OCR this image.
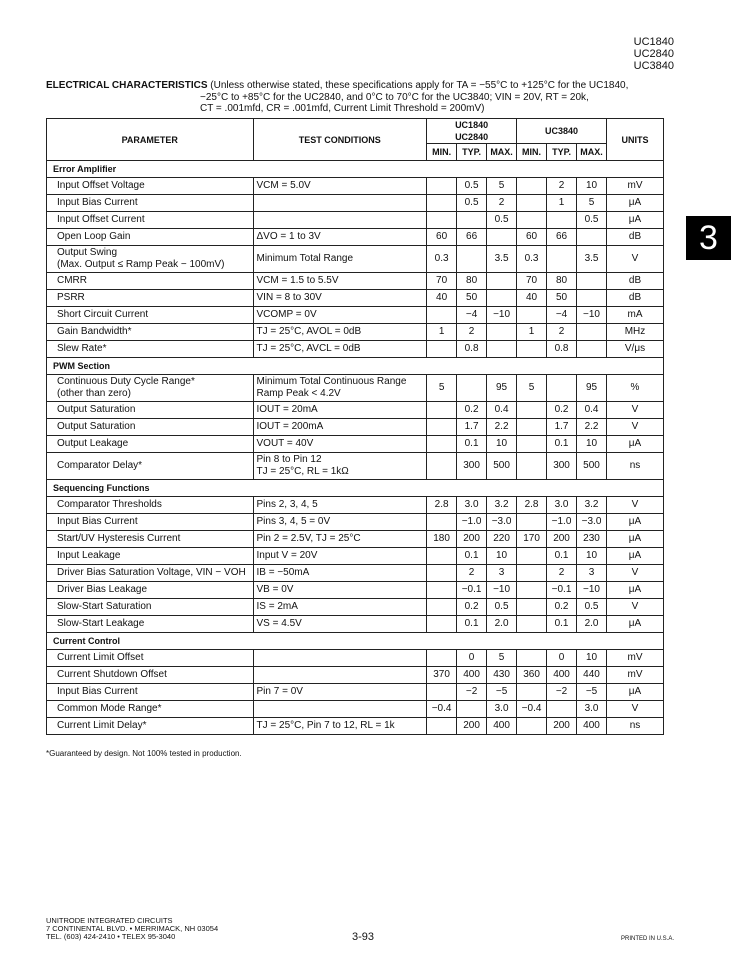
UC1840
UC2840
UC3840
ELECTRICAL CHARACTERISTICS (Unless otherwise stated, these specifications apply for TA = −55°C to +125°C for the UC1840,
−25°C to +85°C for the UC2840, and 0°C to 70°C for the UC3840; VIN = 20V, RT = 20k,
CT = .001mfd, CR = .001mfd, Current Limit Threshold = 200mV)
PARAMETER	TEST CONDITIONS	UC1840
UC2840			UC3840			UNITS
		MIN.	TYP.	MAX.	MIN.	TYP.	MAX.	
Error Amplifier								
Input Offset Voltage	VCM = 5.0V		0.5	5		2	10	mV
Input Bias Current			0.5	2		1	5	μA
Input Offset Current				0.5			0.5	μA
Open Loop Gain	ΔVO = 1 to 3V	60	66		60	66		dB
Output Swing
(Max. Output ≤ Ramp Peak − 100mV)	Minimum Total Range	0.3		3.5	0.3		3.5	V
CMRR	VCM = 1.5 to 5.5V	70	80		70	80		dB
PSRR	VIN = 8 to 30V	40	50		40	50		dB
Short Circuit Current	VCOMP = 0V		−4	−10		−4	−10	mA
Gain Bandwidth*	TJ = 25°C, AVOL = 0dB	1	2		1	2		MHz
Slew Rate*	TJ = 25°C, AVCL = 0dB		0.8			0.8		V/μs
PWM Section								
Continuous Duty Cycle Range*
(other than zero)	Minimum Total Continuous Range
Ramp Peak < 4.2V	5		95	5		95	%
Output Saturation	IOUT = 20mA		0.2	0.4		0.2	0.4	V
Output Saturation	IOUT = 200mA		1.7	2.2		1.7	2.2	V
Output Leakage	VOUT = 40V		0.1	10		0.1	10	μA
Comparator Delay*	Pin 8 to Pin 12
TJ = 25°C, RL = 1kΩ		300	500		300	500	ns
Sequencing Functions								
Comparator Thresholds	Pins 2, 3, 4, 5	2.8	3.0	3.2	2.8	3.0	3.2	V
Input Bias Current	Pins 3, 4, 5 = 0V		−1.0	−3.0		−1.0	−3.0	μA
Start/UV Hysteresis Current	Pin 2 = 2.5V, TJ = 25°C	180	200	220	170	200	230	μA
Input Leakage	Input V = 20V		0.1	10		0.1	10	μA
Driver Bias Saturation Voltage, VIN − VOH	IB = −50mA		2	3		2	3	V
Driver Bias Leakage	VB = 0V		−0.1	−10		−0.1	−10	μA
Slow-Start Saturation	IS = 2mA		0.2	0.5		0.2	0.5	V
Slow-Start Leakage	VS = 4.5V		0.1	2.0		0.1	2.0	μA
Current Control								
Current Limit Offset			0	5		0	10	mV
Current Shutdown Offset		370	400	430	360	400	440	mV
Input Bias Current	Pin 7 = 0V		−2	−5		−2	−5	μA
Common Mode Range*		−0.4		3.0	−0.4		3.0	V
Current Limit Delay*	TJ = 25°C, Pin 7 to 12, RL = 1k		200	400		200	400	ns
*Guaranteed by design. Not 100% tested in production.
3
UNITRODE INTEGRATED CIRCUITS
7 CONTINENTAL BLVD. • MERRIMACK, NH 03054
TEL. (603) 424-2410 • TELEX 95-3040	3-93	PRINTED IN U.S.A.
